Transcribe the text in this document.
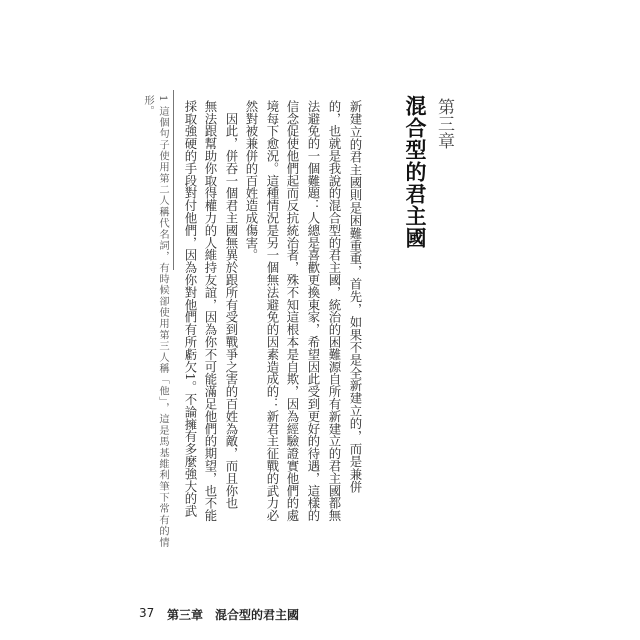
第三章
混合型的君主國
新建立的君主國則是困難重重，首先，如果不是全新建立的，而是兼併
的，也就是我說的混合型的君主國，統治的困難源自所有新建立的君主國都無
法避免的一個難題：人總是喜歡更換東家，希望因此受到更好的待遇，這樣的
信念促使他們起而反抗統治者，殊不知這根本是自欺，因為經驗證實他們的處
境每下愈況。這種情況是另一個無法避免的因素造成的：新君主征戰的武力必
然對被兼併的百姓造成傷害。
　因此，併吞一個君主國無異於跟所有受到戰爭之害的百姓為敵，而且你也
無法跟幫助你取得權力的人維持友誼，因為你不可能滿足他們的期望，也不能
採取強硬的手段對付他們，因為你對他們有所虧欠1。不論擁有多麼強大的武
1 這個句子使用第二人稱代名詞，有時候卻使用第三人稱「他」，這是馬基維利筆下常有的情
形。
37 第三章　混合型的君主國
